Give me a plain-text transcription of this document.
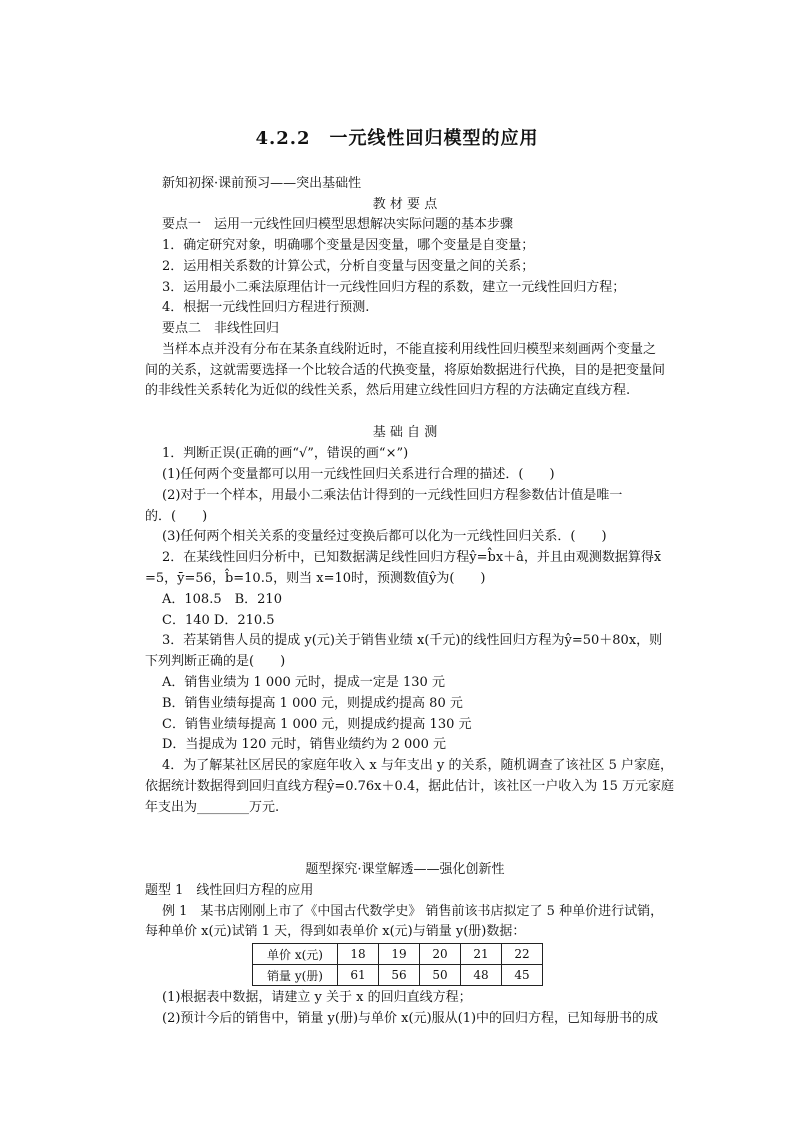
4.2.2　一元线性回归模型的应用
新知初探·课前预习——突出基础性
教 材 要 点
要点一　运用一元线性回归模型思想解决实际问题的基本步骤
1．确定研究对象，明确哪个变量是因变量，哪个变量是自变量；
2．运用相关系数的计算公式，分析自变量与因变量之间的关系；
3．运用最小二乘法原理估计一元线性回归方程的系数，建立一元线性回归方程；
4．根据一元线性回归方程进行预测.
要点二　非线性回归
当样本点并没有分布在某条直线附近时，不能直接利用线性回归模型来刻画两个变量之
间的关系，这就需要选择一个比较合适的代换变量，将原始数据进行代换，目的是把变量间
的非线性关系转化为近似的线性关系，然后用建立线性回归方程的方法确定直线方程.
基 础 自 测
1．判断正误(正确的画“√”，错误的画“×”)
(1)任何两个变量都可以用一元线性回归关系进行合理的描述．(　　)
(2)对于一个样本，用最小二乘法估计得到的一元线性回归方程参数估计值是唯一
的．(　　)
(3)任何两个相关关系的变量经过变换后都可以化为一元线性回归关系．(　　)
2．在某线性回归分析中，已知数据满足线性回归方程ŷ=b̂x＋â，并且由观测数据算得x̄
=5，ȳ=56，b̂=10.5，则当 x=10时，预测数值ŷ为(　　)
A．108.5　B．210
C．140 D．210.5
3．若某销售人员的提成 y(元)关于销售业绩 x(千元)的线性回归方程为ŷ=50＋80x，则
下列判断正确的是(　　)
A．销售业绩为 1 000 元时，提成一定是 130 元
B．销售业绩每提高 1 000 元，则提成约提高 80 元
C．销售业绩每提高 1 000 元，则提成约提高 130 元
D．当提成为 120 元时，销售业绩约为 2 000 元
4．为了解某社区居民的家庭年收入 x 与年支出 y 的关系，随机调查了该社区 5 户家庭，
依据统计数据得到回归直线方程ŷ=0.76x＋0.4，据此估计，该社区一户收入为 15 万元家庭
年支出为________万元.
题型探究·课堂解透——强化创新性
题型 1　线性回归方程的应用
例 1　某书店刚刚上市了《中国古代数学史》 销售前该书店拟定了 5 种单价进行试销，
每种单价 x(元)试销 1 天，得到如表单价 x(元)与销量 y(册)数据：
单价 x(元)	18	19	20	21	22
销量 y(册)	61	56	50	48	45
(1)根据表中数据，请建立 y 关于 x 的回归直线方程；
(2)预计今后的销售中，销量 y(册)与单价 x(元)服从(1)中的回归方程，已知每册书的成
